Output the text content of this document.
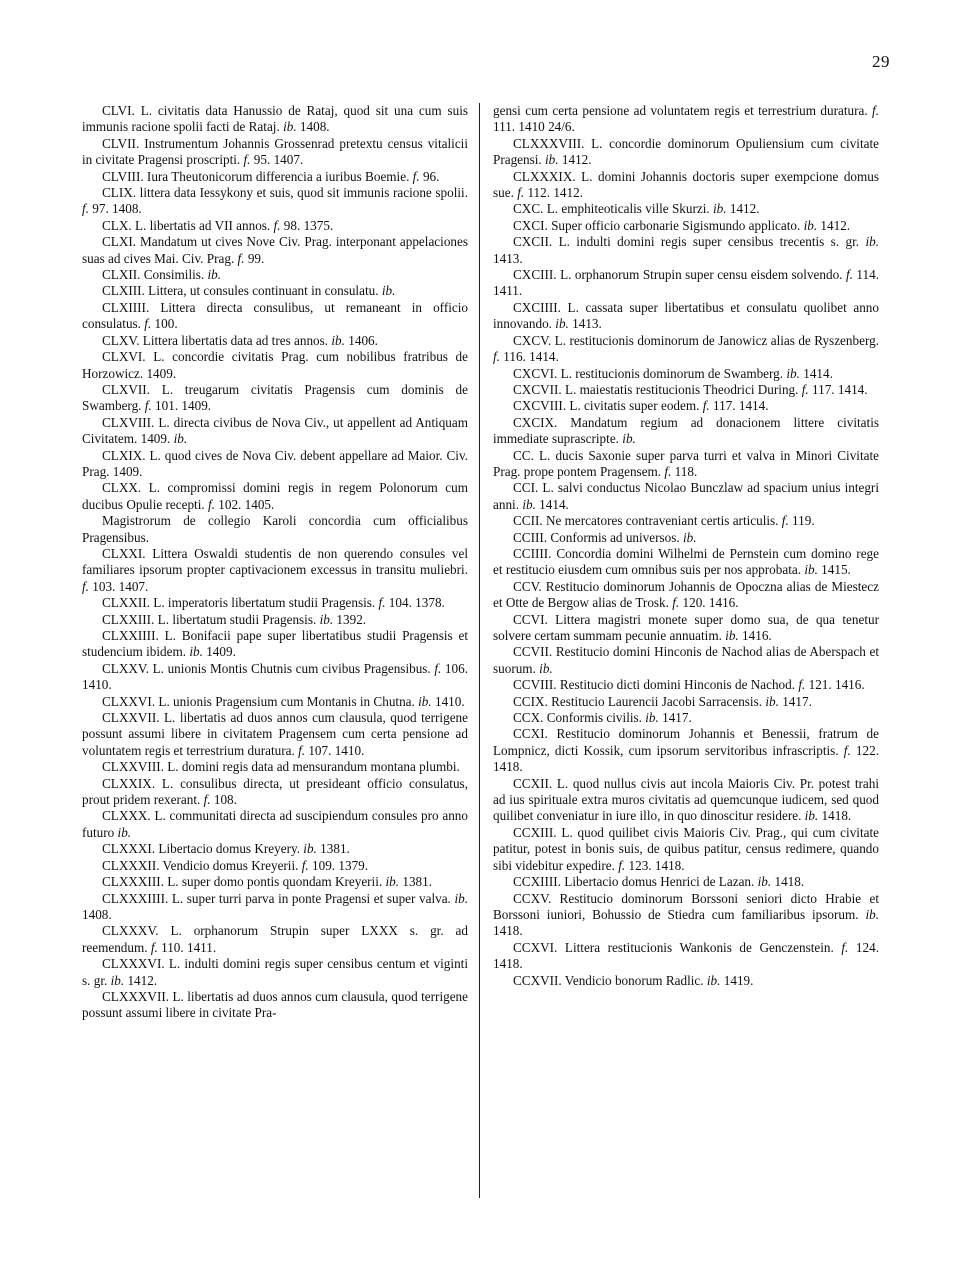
29

CLVI. L. civitatis data Hanussio de Rataj, quod sit una cum suis immunis racione spolii facti de Rataj. ib. 1408.

CLVII. Instrumentum Johannis Grossenrad pretextu census vitalicii in civitate Pragensi proscripti. f. 95. 1407.

CLVIII. Iura Theutonicorum differencia a iuribus Boemie. f. 96.

CLIX. littera data Iessykony et suis, quod sit immunis racione spolii. f. 97. 1408.

CLX. L. libertatis ad VII annos. f. 98. 1375.

CLXI. Mandatum ut cives Nove Civ. Prag. interponant appelaciones suas ad cives Mai. Civ. Prag. f. 99.

CLXII. Consimilis. ib.

CLXIII. Littera, ut consules continuant in consulatu. ib.

CLXIIII. Littera directa consulibus, ut remaneant in officio consulatus. f. 100.

CLXV. Littera libertatis data ad tres annos. ib. 1406.

CLXVI. L. concordie civitatis Prag. cum nobilibus fratribus de Horzowicz. 1409.

CLXVII. L. treugarum civitatis Pragensis cum dominis de Swamberg. f. 101. 1409.

CLXVIII. L. directa civibus de Nova Civ., ut appellent ad Antiquam Civitatem. 1409. ib.

CLXIX. L. quod cives de Nova Civ. debent appellare ad Maior. Civ. Prag. 1409.

CLXX. L. compromissi domini regis in regem Polonorum cum ducibus Opulie recepti. f. 102. 1405.

Magistrorum de collegio Karoli concordia cum officialibus Pragensibus.

CLXXI. Littera Oswaldi studentis de non querendo consules vel familiares ipsorum propter captivacionem excessus in transitu muliebri. f. 103. 1407.

CLXXII. L. imperatoris libertatum studii Pragensis. f. 104. 1378.

CLXXIII. L. libertatum studii Pragensis. ib. 1392.

CLXXIIII. L. Bonifacii pape super libertatibus studii Pragensis et studencium ibidem. ib. 1409.

CLXXV. L. unionis Montis Chutnis cum civibus Pragensibus. f. 106. 1410.

CLXXVI. L. unionis Pragensium cum Montanis in Chutna. ib. 1410.

CLXXVII. L. libertatis ad duos annos cum clausula, quod terrigene possunt assumi libere in civitatem Pragensem cum certa pensione ad voluntatem regis et terrestrium duratura. f. 107. 1410.

CLXXVIII. L. domini regis data ad mensurandum montana plumbi.

CLXXIX. L. consulibus directa, ut presideant officio consulatus, prout pridem rexerant. f. 108.

CLXXX. L. communitati directa ad suscipiendum consules pro anno futuro ib.

CLXXXI. Libertacio domus Kreyery. ib. 1381.

CLXXXII. Vendicio domus Kreyerii. f. 109. 1379.

CLXXXIII. L. super domo pontis quondam Kreyerii. ib. 1381.

CLXXXIIII. L. super turri parva in ponte Pragensi et super valva. ib. 1408.

CLXXXV. L. orphanorum Strupin super LXXX s. gr. ad reemendum. f. 110. 1411.

CLXXXVI. L. indulti domini regis super censibus centum et viginti s. gr. ib. 1412.

CLXXXVII. L. libertatis ad duos annos cum clausula, quod terrigene possunt assumi libere in civitate Pra-

gensi cum certa pensione ad voluntatem regis et terrestrium duratura. f. 111. 1410 24/6.

CLXXXVIII. L. concordie dominorum Opuliensium cum civitate Pragensi. ib. 1412.

CLXXXIX. L. domini Johannis doctoris super exempcione domus sue. f. 112. 1412.

CXC. L. emphiteoticalis ville Skurzi. ib. 1412.

CXCI. Super officio carbonarie Sigismundo applicato. ib. 1412.

CXCII. L. indulti domini regis super censibus trecentis s. gr. ib. 1413.

CXCIII. L. orphanorum Strupin super censu eisdem solvendo. f. 114. 1411.

CXCIIII. L. cassata super libertatibus et consulatu quolibet anno innovando. ib. 1413.

CXCV. L. restitucionis dominorum de Janowicz alias de Ryszenberg. f. 116. 1414.

CXCVI. L. restitucionis dominorum de Swamberg. ib. 1414.

CXCVII. L. maiestatis restitucionis Theodrici During. f. 117. 1414.

CXCVIII. L. civitatis super eodem. f. 117. 1414.

CXCIX. Mandatum regium ad donacionem littere civitatis immediate suprascripte. ib.

CC. L. ducis Saxonie super parva turri et valva in Minori Civitate Prag. prope pontem Pragensem. f. 118.

CCI. L. salvi conductus Nicolao Bunczlaw ad spacium unius integri anni. ib. 1414.

CCII. Ne mercatores contraveniant certis articulis. f. 119.

CCIII. Conformis ad universos. ib.

CCIIII. Concordia domini Wilhelmi de Pernstein cum domino rege et restitucio eiusdem cum omnibus suis per nos approbata. ib. 1415.

CCV. Restitucio dominorum Johannis de Opoczna alias de Miestecz et Otte de Bergow alias de Trosk. f. 120. 1416.

CCVI. Littera magistri monete super domo sua, de qua tenetur solvere certam summam pecunie annuatim. ib. 1416.

CCVII. Restitucio domini Hinconis de Nachod alias de Aberspach et suorum. ib.

CCVIII. Restitucio dicti domini Hinconis de Nachod. f. 121. 1416.

CCIX. Restitucio Laurencii Jacobi Sarracensis. ib. 1417.

CCX. Conformis civilis. ib. 1417.

CCXI. Restitucio dominorum Johannis et Benessii, fratrum de Lompnicz, dicti Kossik, cum ipsorum servitoribus infrascriptis. f. 122. 1418.

CCXII. L. quod nullus civis aut incola Maioris Civ. Pr. potest trahi ad ius spirituale extra muros civitatis ad quemcunque iudicem, sed quod quilibet conveniatur in iure illo, in quo dinoscitur residere. ib. 1418.

CCXIII. L. quod quilibet civis Maioris Civ. Prag., qui cum civitate patitur, potest in bonis suis, de quibus patitur, census redimere, quando sibi videbitur expedire. f. 123. 1418.

CCXIIII. Libertacio domus Henrici de Lazan. ib. 1418.

CCXV. Restitucio dominorum Borssoni seniori dicto Hrabie et Borssoni iuniori, Bohussio de Stiedra cum familiaribus ipsorum. ib. 1418.

CCXVI. Littera restitucionis Wankonis de Genczenstein. f. 124. 1418.

CCXVII. Vendicio bonorum Radlic. ib. 1419.
